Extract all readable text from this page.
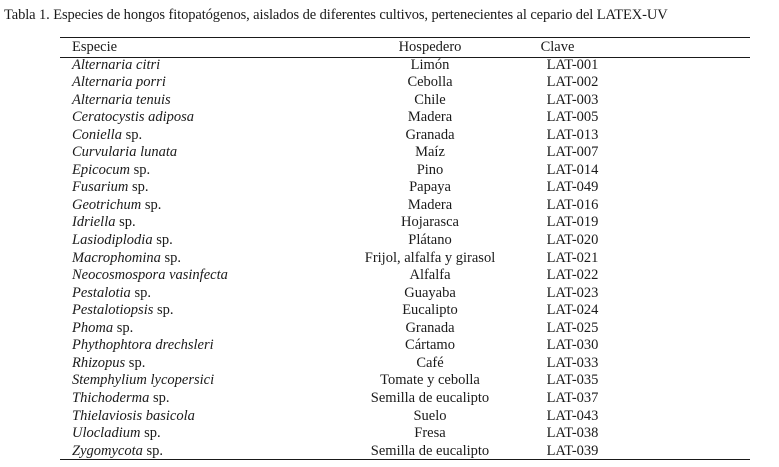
Tabla 1. Especies de hongos fitopatógenos, aislados de diferentes cultivos, pertenecientes al cepario del LATEX-UV
Especie	Hospedero	Clave
Alternaria citri	Limón	LAT-001
Alternaria porri	Cebolla	LAT-002
Alternaria tenuis	Chile	LAT-003
Ceratocystis adiposa	Madera	LAT-005
Coniella sp.	Granada	LAT-013
Curvularia lunata	Maíz	LAT-007
Epicocum sp.	Pino	LAT-014
Fusarium sp.	Papaya	LAT-049
Geotrichum sp.	Madera	LAT-016
Idriella sp.	Hojarasca	LAT-019
Lasiodiplodia sp.	Plátano	LAT-020
Macrophomina sp.	Frijol, alfalfa y girasol	LAT-021
Neocosmospora vasinfecta	Alfalfa	LAT-022
Pestalotia sp.	Guayaba	LAT-023
Pestalotiopsis sp.	Eucalipto	LAT-024
Phoma sp.	Granada	LAT-025
Phythophtora drechsleri	Cártamo	LAT-030
Rhizopus sp.	Café	LAT-033
Stemphylium lycopersici	Tomate y cebolla	LAT-035
Thichoderma sp.	Semilla de eucalipto	LAT-037
Thielaviosis basicola	Suelo	LAT-043
Ulocladium sp.	Fresa	LAT-038
Zygomycota sp.	Semilla de eucalipto	LAT-039
